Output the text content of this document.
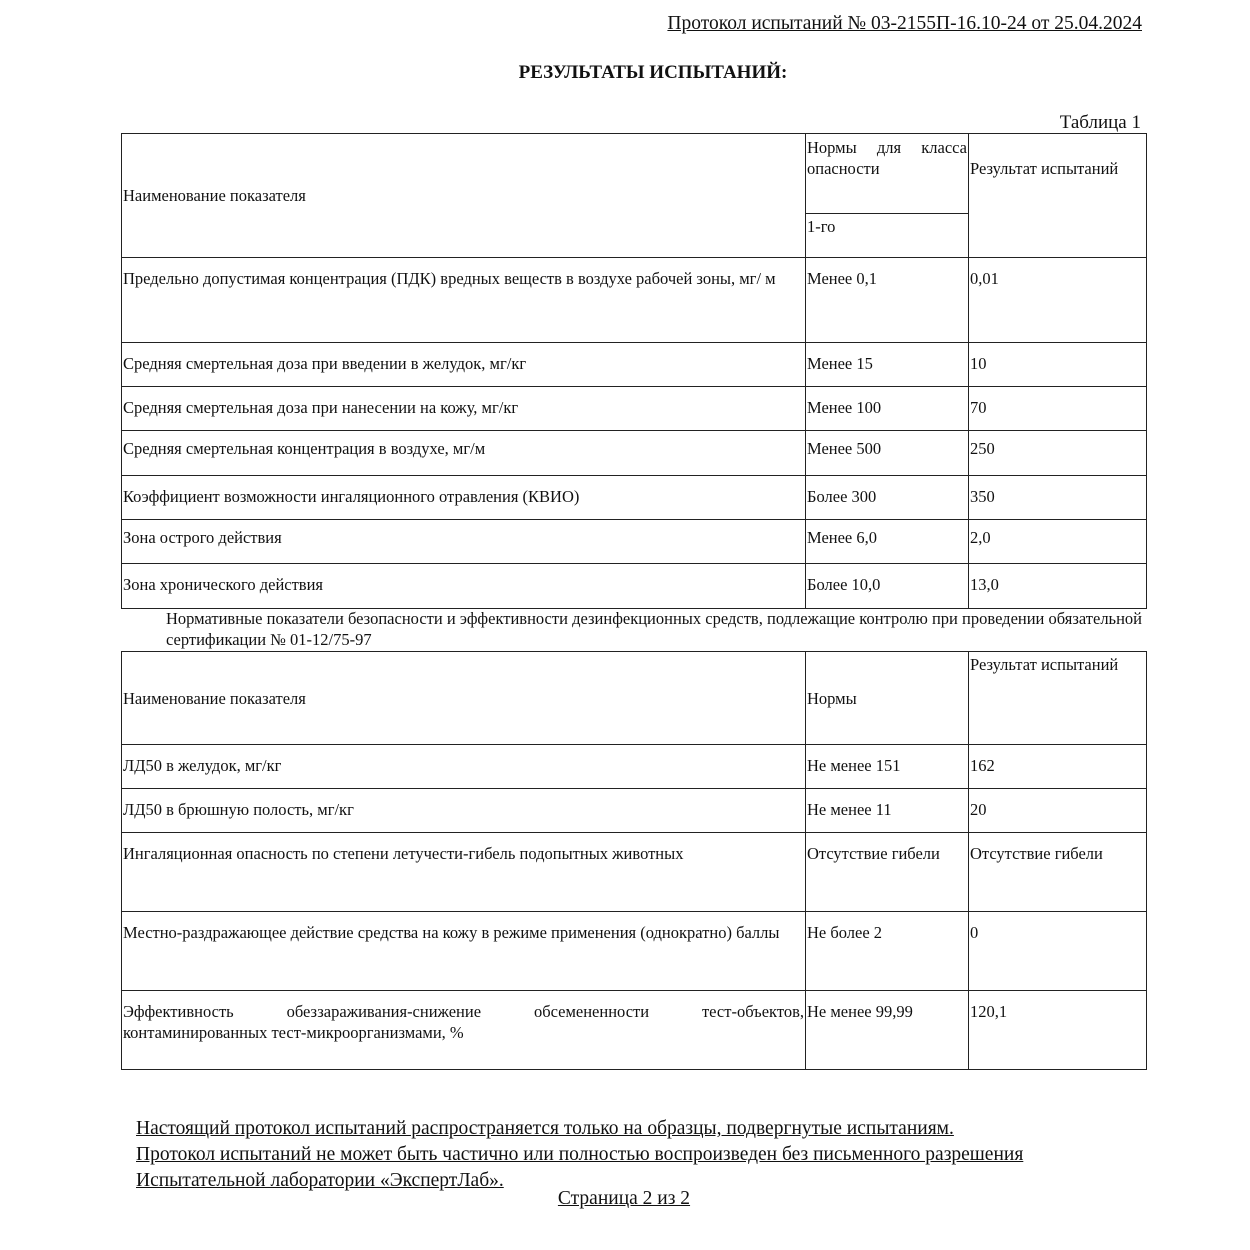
Протокол испытаний № 03-2155П-16.10-24 от 25.04.2024
РЕЗУЛЬТАТЫ ИСПЫТАНИЙ:
Таблица 1
Наименование показателя	Нормы для класса опасности	Результат испытаний
	1-го	
Предельно допустимая концентрация (ПДК) вредных веществ в воздухе рабочей зоны, мг/ м	Менее 0,1	0,01
Средняя смертельная доза при введении в желудок, мг/кг	Менее 15	10
Средняя смертельная доза при нанесении на кожу, мг/кг	Менее 100	70
Средняя смертельная концентрация в воздухе, мг/м	Менее 500	250
Коэффициент возможности ингаляционного отравления (КВИО)	Более 300	350
Зона острого действия	Менее 6,0	2,0
Зона хронического действия	Более 10,0	13,0
Нормативные показатели безопасности и эффективности дезинфекционных средств, подлежащие контролю при проведении обязательной сертификации № 01-12/75-97
Наименование показателя	Нормы	Результат испытаний
ЛД50 в желудок, мг/кг	Не менее 151	162
ЛД50 в брюшную полость, мг/кг	Не менее 11	20
Ингаляционная опасность по степени летучести-гибель подопытных животных	Отсутствие гибели	Отсутствие гибели
Местно-раздражающее действие средства на кожу в режиме применения (однократно) баллы	Не более 2	0
Эффективность обеззараживания-снижение обсемененности тест-объектов, контаминированных тест-микроорганизмами, %	Не менее 99,99	120,1
Настоящий протокол испытаний распространяется только на образцы, подвергнутые испытаниям.
Протокол испытаний не может быть частично или полностью воспроизведен без письменного разрешения
Испытательной лаборатории «ЭкспертЛаб».
Страница 2 из 2
